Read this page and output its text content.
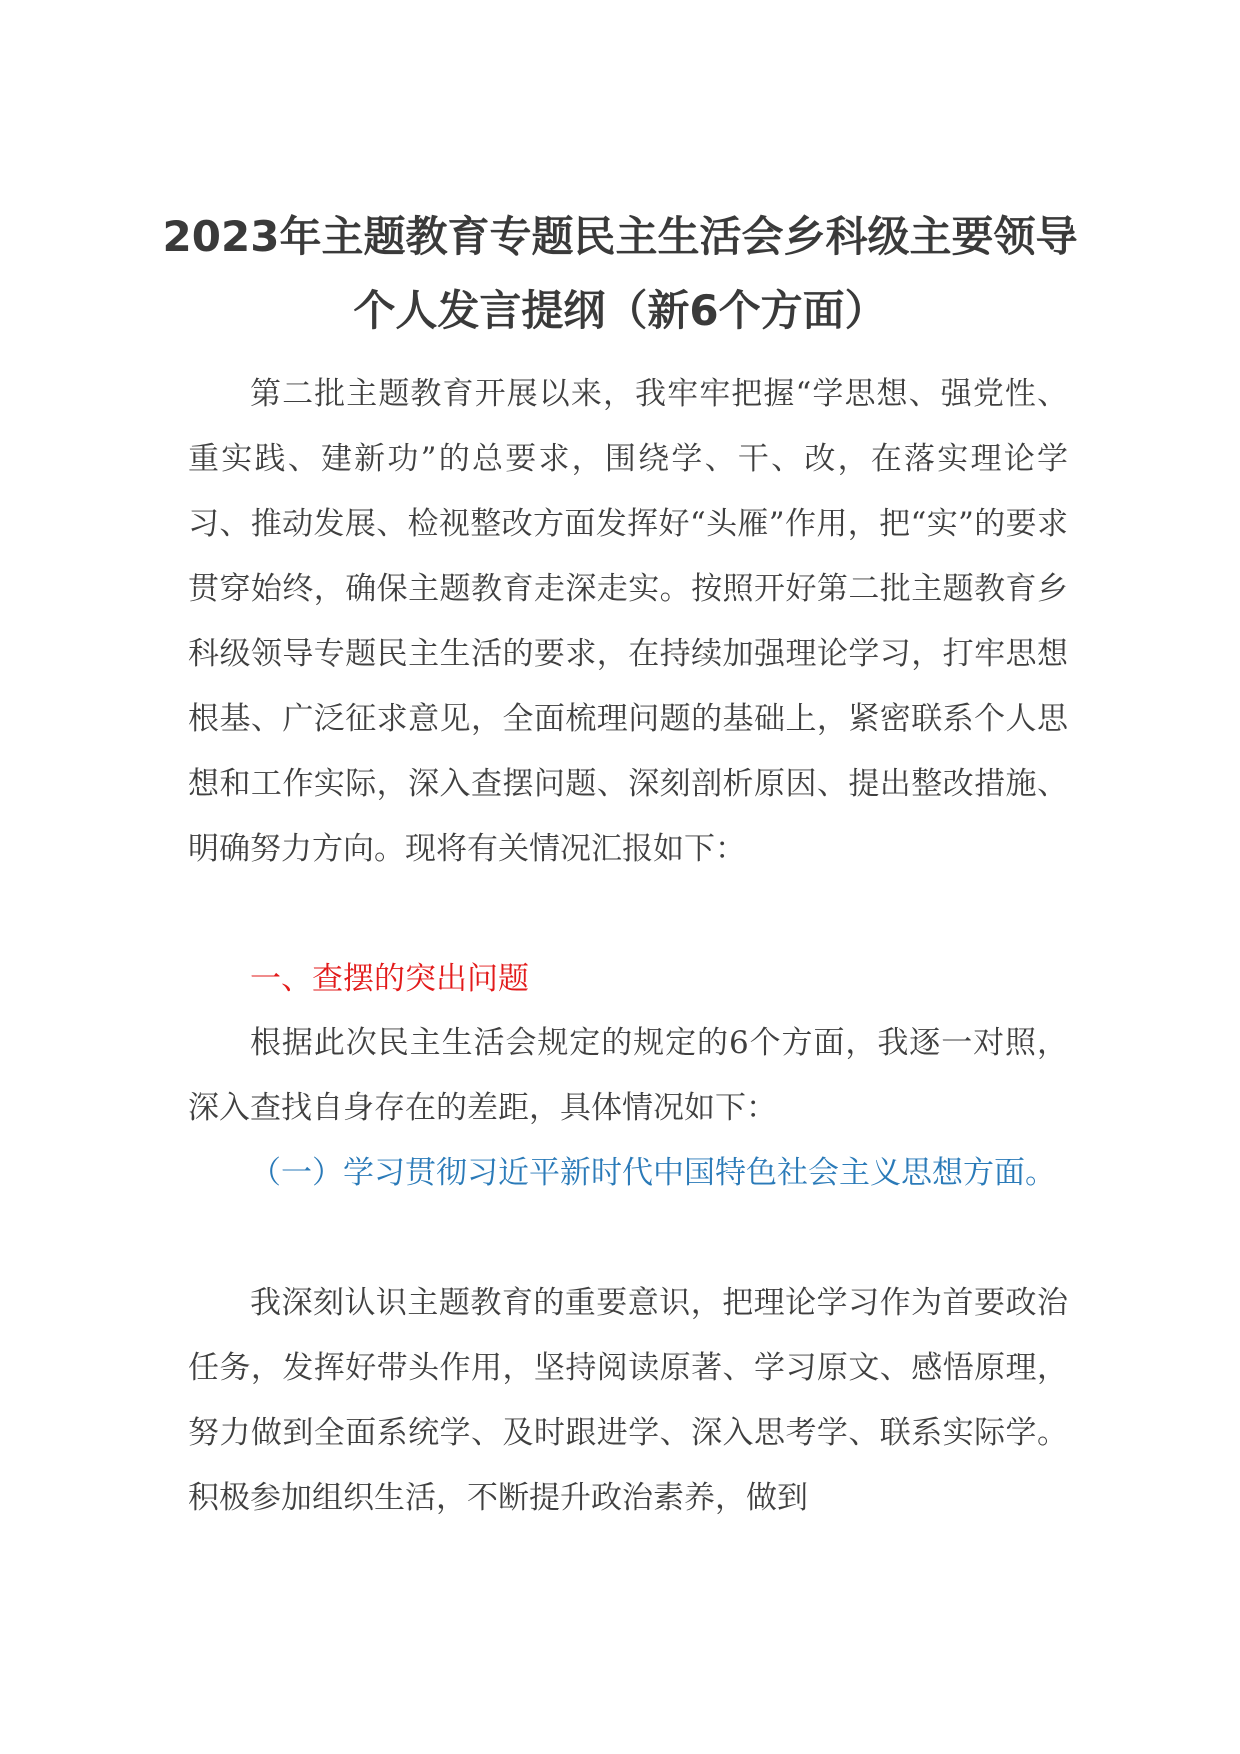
2023年主题教育专题民主生活会乡科级主要领导个人发言提纲（新6个方面）

第二批主题教育开展以来，我牢牢把握“学思想、强党性、重实践、建新功”的总要求，围绕学、干、改，在落实理论学习、推动发展、检视整改方面发挥好“头雁”作用，把“实”的要求贯穿始终，确保主题教育走深走实。按照开好第二批主题教育乡科级领导专题民主生活的要求，在持续加强理论学习，打牢思想根基、广泛征求意见，全面梳理问题的基础上，紧密联系个人思想和工作实际，深入查摆问题、深刻剖析原因、提出整改措施、明确努力方向。现将有关情况汇报如下：

一、查摆的突出问题

根据此次民主生活会规定的规定的6个方面，我逐一对照，深入查找自身存在的差距，具体情况如下：

（一）学习贯彻习近平新时代中国特色社会主义思想方面。

我深刻认识主题教育的重要意识，把理论学习作为首要政治任务，发挥好带头作用，坚持阅读原著、学习原文、感悟原理，努力做到全面系统学、及时跟进学、深入思考学、联系实际学。积极参加组织生活，不断提升政治素养，做到
